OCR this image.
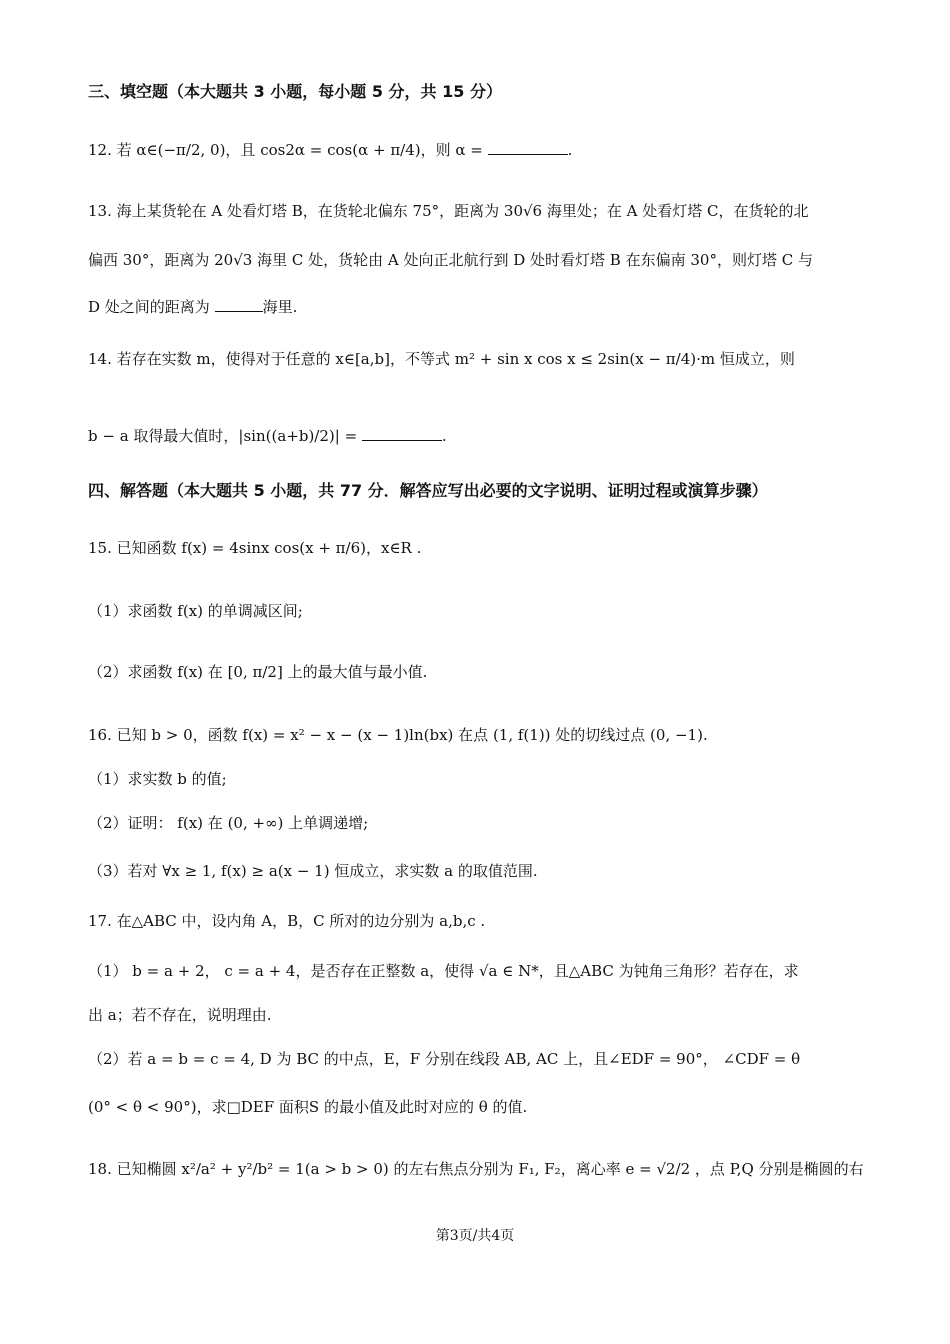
三、填空题（本大题共 3 小题，每小题 5 分，共 15 分）
12. 若 α∈(−π/2, 0)，且 cos2α = cos(α + π/4)，则 α =	.
13. 海上某货轮在 A 处看灯塔 B，在货轮北偏东 75°，距离为 30√6 海里处；在 A 处看灯塔 C，在货轮的北
偏西 30°，距离为 20√3 海里 C 处，货轮由 A 处向正北航行到 D 处时看灯塔 B 在东偏南 30°，则灯塔 C 与
D 处之间的距离为	海里.
14. 若存在实数 m，使得对于任意的 x∈[a,b]，不等式 m² + sin x cos x ≤ 2sin(x − π/4)·m 恒成立，则
b − a 取得最大值时，|sin((a+b)/2)| =	.
四、解答题（本大题共 5 小题，共 77 分．解答应写出必要的文字说明、证明过程或演算步骤）
15. 已知函数 f(x) = 4sinx cos(x + π/6)，x∈R .
（1）求函数 f(x) 的单调减区间;
（2）求函数 f(x) 在 [0, π/2] 上的最大值与最小值.
16. 已知 b > 0，函数 f(x) = x² − x − (x − 1)ln(bx) 在点 (1, f(1)) 处的切线过点 (0, −1).
（1）求实数 b 的值;
（2）证明： f(x) 在 (0, +∞) 上单调递增;
（3）若对 ∀x ≥ 1, f(x) ≥ a(x − 1) 恒成立，求实数 a 的取值范围.
17. 在△ABC 中，设内角 A，B，C 所对的边分别为 a,b,c .
（1） b = a + 2， c = a + 4，是否存在正整数 a，使得 √a ∈ N*，且△ABC 为钝角三角形？若存在，求
出 a；若不存在，说明理由.
（2）若 a = b = c = 4, D 为 BC 的中点，E，F 分别在线段 AB, AC 上，且∠EDF = 90°， ∠CDF = θ
(0° < θ < 90°)，求□DEF 面积S 的最小值及此时对应的 θ 的值.
18. 已知椭圆 x²/a² + y²/b² = 1(a > b > 0) 的左右焦点分别为 F₁, F₂，离心率 e = √2/2 ，点 P,Q 分别是椭圆的右
第3页/共4页
